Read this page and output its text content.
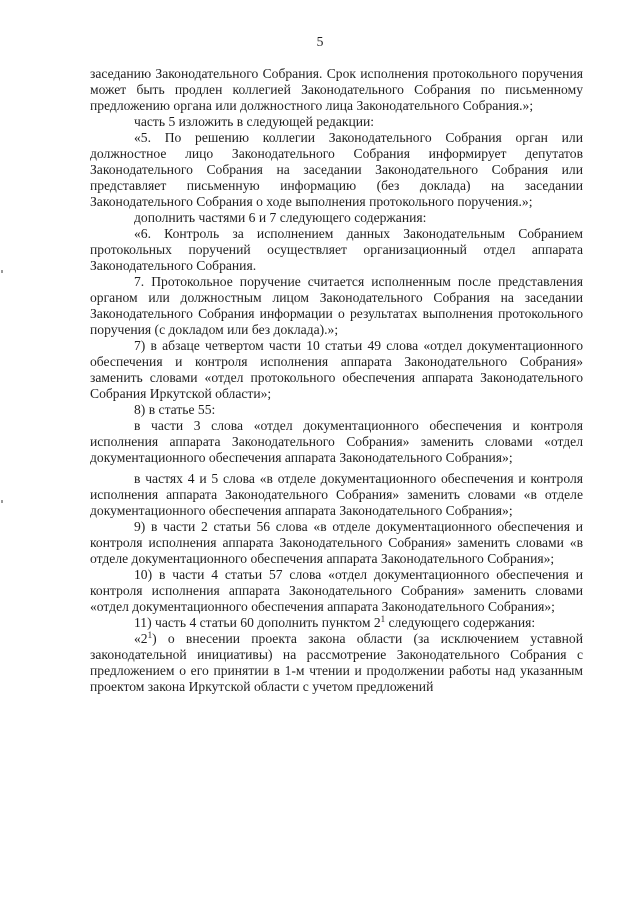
5

заседанию Законодательного Собрания. Срок исполнения протокольного поручения может быть продлен коллегией Законодательного Собрания по письменному предложению органа или должностного лица Законодательного Собрания.»;

часть 5 изложить в следующей редакции:

«5. По решению коллегии Законодательного Собрания орган или должностное лицо Законодательного Собрания информирует депутатов Законодательного Собрания на заседании Законодательного Собрания или представляет письменную информацию (без доклада) на заседании Законодательного Собрания о ходе выполнения протокольного поручения.»;

дополнить частями 6 и 7 следующего содержания:

«6. Контроль за исполнением данных Законодательным Собранием протокольных поручений осуществляет организационный отдел аппарата Законодательного Собрания.

7. Протокольное поручение считается исполненным после представления органом или должностным лицом Законодательного Собрания на заседании Законодательного Собрания информации о результатах выполнения протокольного поручения (с докладом или без доклада).»;

7) в абзаце четвертом части 10 статьи 49 слова «отдел документационного обеспечения и контроля исполнения аппарата Законодательного Собрания» заменить словами «отдел протокольного обеспечения аппарата Законодательного Собрания Иркутской области»;

8) в статье 55:

в части 3 слова «отдел документационного обеспечения и контроля исполнения аппарата Законодательного Собрания» заменить словами «отдел документационного обеспечения аппарата Законодательного Собрания»;

в частях 4 и 5 слова «в отделе документационного обеспечения и контроля исполнения аппарата Законодательного Собрания» заменить словами «в отделе документационного обеспечения аппарата Законодательного Собрания»;

9) в части 2 статьи 56 слова «в отделе документационного обеспечения и контроля исполнения аппарата Законодательного Собрания» заменить словами «в отделе документационного обеспечения аппарата Законодательного Собрания»;

10) в части 4 статьи 57 слова «отдел документационного обеспечения и контроля исполнения аппарата Законодательного Собрания» заменить словами «отдел документационного обеспечения аппарата Законодательного Собрания»;

11) часть 4 статьи 60 дополнить пунктом $2^1$ следующего содержания:

«$2^1$) о внесении проекта закона области (за исключением уставной законодательной инициативы) на рассмотрение Законодательного Собрания с предложением о его принятии в 1-м чтении и продолжении работы над указанным проектом закона Иркутской области с учетом предложений
